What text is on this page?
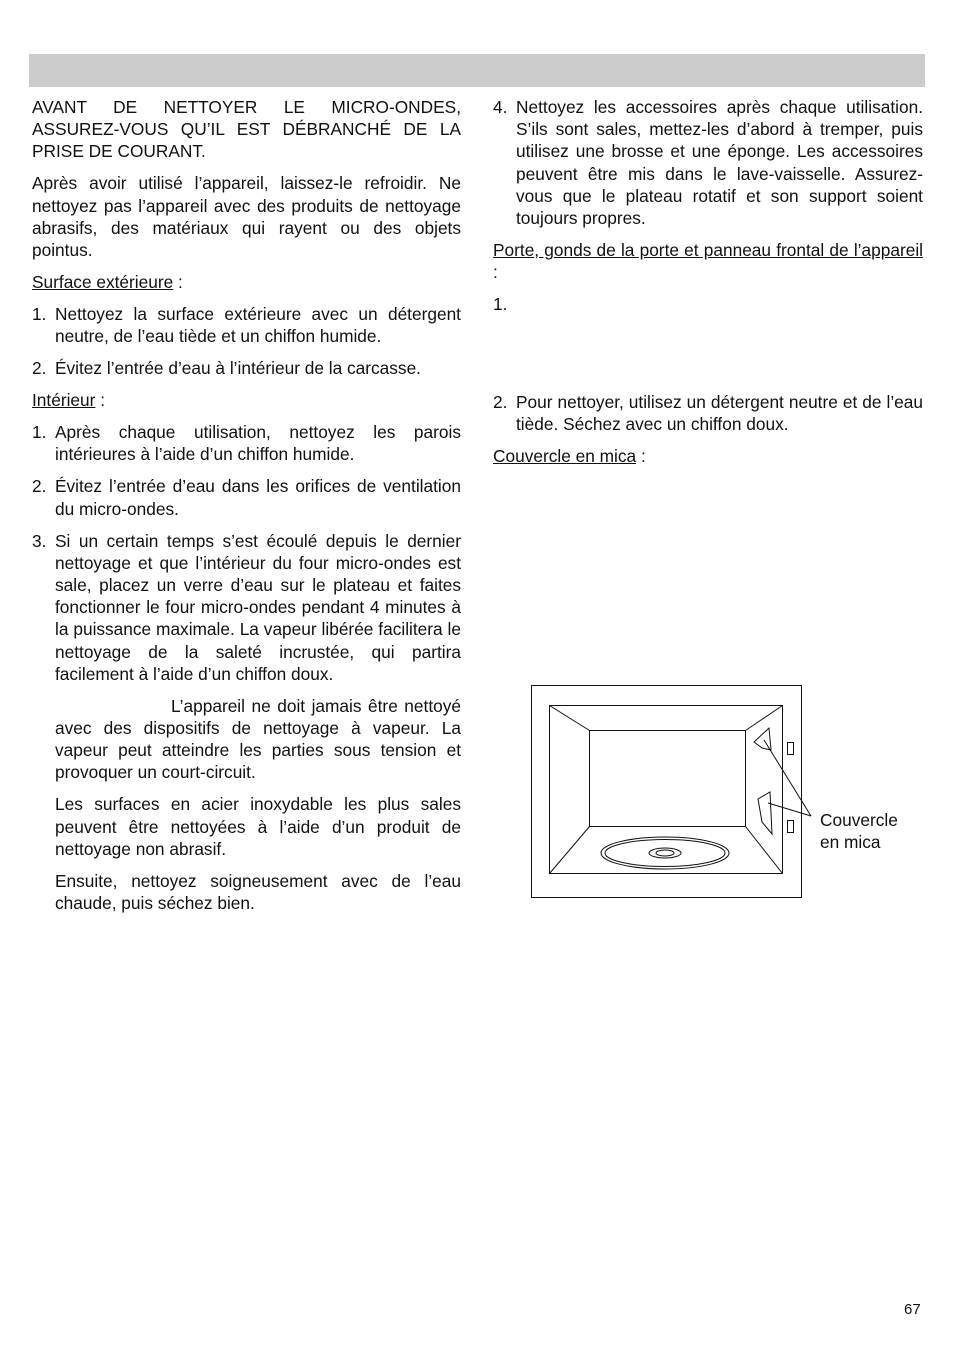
AVANT DE NETTOYER LE MICRO-ONDES, ASSUREZ-VOUS QU’IL EST DÉBRANCHÉ DE LA PRISE DE COURANT.

Après avoir utilisé l’appareil, laissez-le refroidir. Ne nettoyez pas l’appareil avec des produits de nettoyage abrasifs, des matériaux qui rayent ou des objets pointus.

Surface extérieure :

1. Nettoyez la surface extérieure avec un détergent neutre, de l’eau tiède et un chiffon humide.
2. Évitez l’entrée d’eau à l’intérieur de la carcasse.

Intérieur :

1. Après chaque utilisation, nettoyez les parois intérieures à l’aide d’un chiffon humide.
2. Évitez l’entrée d’eau dans les orifices de ventilation du micro-ondes.
3. Si un certain temps s’est écoulé depuis le dernier nettoyage et que l’intérieur du four micro-ondes est sale, placez un verre d’eau sur le plateau et faites fonctionner le four micro-ondes pendant 4 minutes à la puissance maximale. La vapeur libérée facilitera le nettoyage de la saleté incrustée, qui partira facilement à l’aide d’un chiffon doux.

L’appareil ne doit jamais être nettoyé avec des dispositifs de nettoyage à vapeur. La vapeur peut atteindre les parties sous tension et provoquer un court-circuit.

Les surfaces en acier inoxydable les plus sales peuvent être nettoyées à l’aide d’un produit de nettoyage non abrasif.

Ensuite, nettoyez soigneusement avec de l’eau chaude, puis séchez bien.

4. Nettoyez les accessoires après chaque utilisation. S’ils sont sales, mettez-les d’abord à tremper, puis utilisez une brosse et une éponge. Les accessoires peuvent être mis dans le lave-vaisselle. Assurez-vous que le plateau rotatif et son support soient toujours propres.

Porte, gonds de la porte et panneau frontal de l’appareil :

1.
2. Pour nettoyer, utilisez un détergent neutre et de l’eau tiède. Séchez avec un chiffon doux.

Couvercle en mica :

Couvercle
en mica
67
